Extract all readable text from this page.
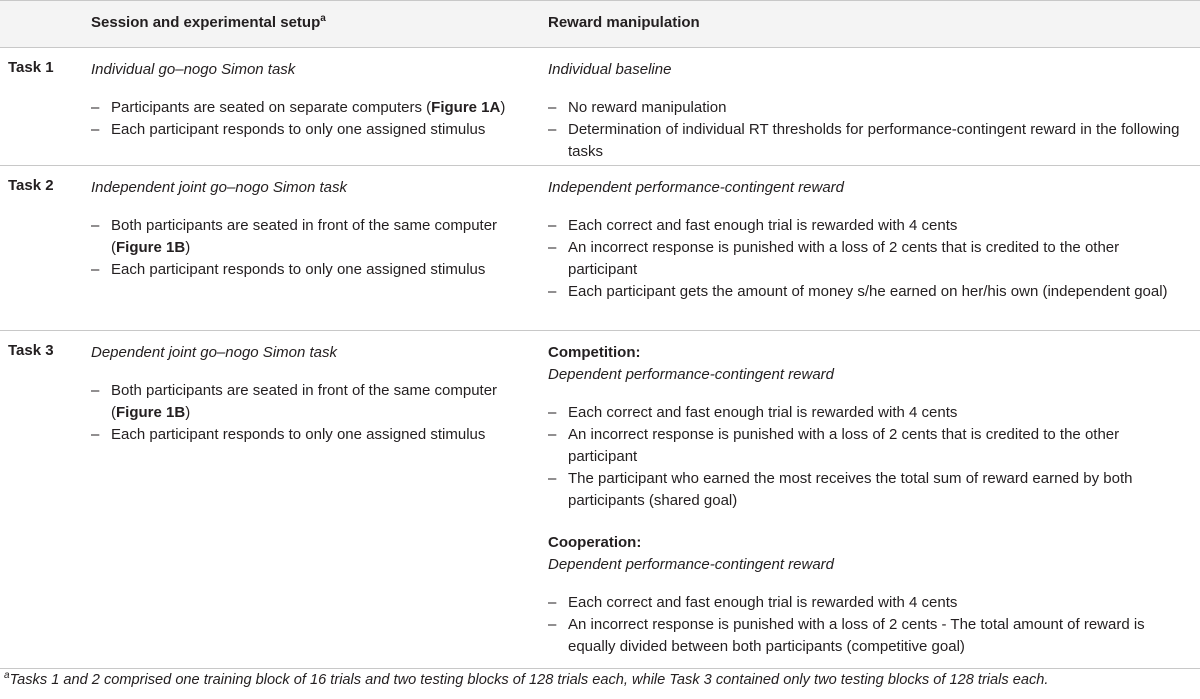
Session and experimental setup$^a$	Reward manipulation
Task 1 Individual go–nogo Simon task
– Participants are seated on separate computers (Figure 1A)
– Each participant responds to only one assigned stimulus
Individual baseline
– No reward manipulation
– Determination of individual RT thresholds for performance-contingent reward in the following tasks
Task 2 Independent joint go–nogo Simon task
– Both participants are seated in front of the same computer (Figure 1B)
– Each participant responds to only one assigned stimulus
Independent performance-contingent reward
– Each correct and fast enough trial is rewarded with 4 cents
– An incorrect response is punished with a loss of 2 cents that is credited to the other participant
– Each participant gets the amount of money s/he earned on her/his own (independent goal)
Task 3 Dependent joint go–nogo Simon task
– Both participants are seated in front of the same computer (Figure 1B)
– Each participant responds to only one assigned stimulus
Competition:
Dependent performance-contingent reward
– Each correct and fast enough trial is rewarded with 4 cents
– An incorrect response is punished with a loss of 2 cents that is credited to the other participant
– The participant who earned the most receives the total sum of reward earned by both participants (shared goal)
Cooperation:
Dependent performance-contingent reward
– Each correct and fast enough trial is rewarded with 4 cents
– An incorrect response is punished with a loss of 2 cents - The total amount of reward is equally divided between both participants (competitive goal)
$^a$Tasks 1 and 2 comprised one training block of 16 trials and two testing blocks of 128 trials each, while Task 3 contained only two testing blocks of 128 trials each.
